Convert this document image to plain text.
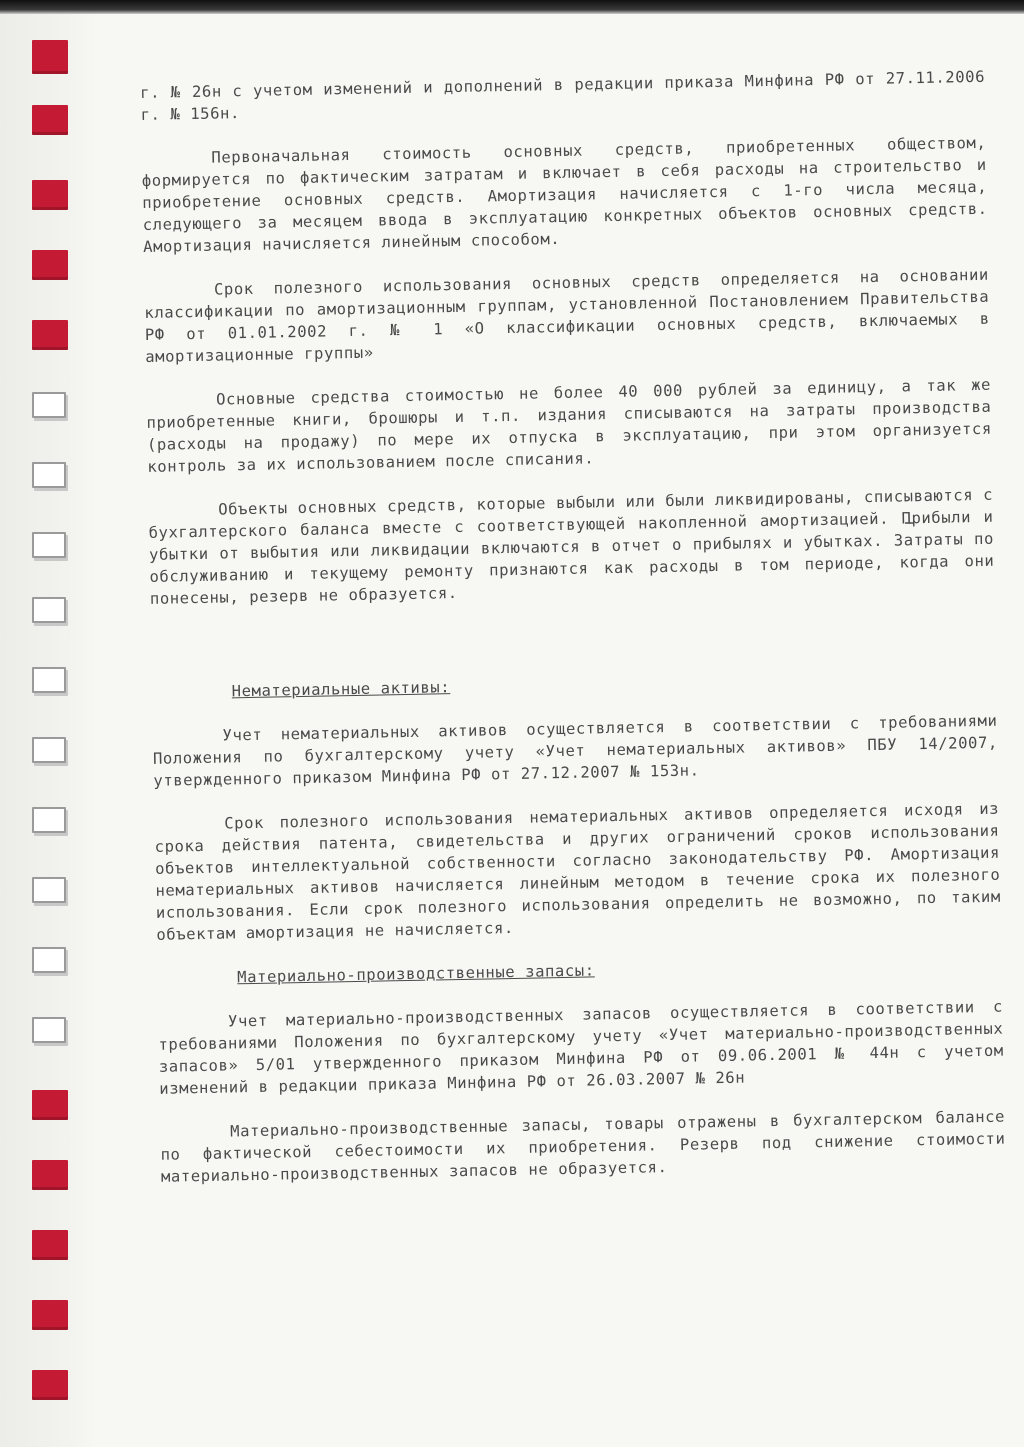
г. № 26н с учетом изменений и дополнений в редакции приказа Минфина РФ от 27.11.2006 г. № 156н.

Первоначальная стоимость основных средств, приобретенных обществом, формируется по фактическим затратам и включает в себя расходы на строительство и приобретение основных средств. Амортизация начисляется с 1-го числа месяца, следующего за месяцем ввода в эксплуатацию конкретных объектов основных средств. Амортизация начисляется линейным способом.

Срок полезного использования основных средств определяется на основании классификации по амортизационным группам, установленной Постановлением Правительства РФ от 01.01.2002 г. № 1 «О классификации основных средств, включаемых в амортизационные группы»

Основные средства стоимостью не более 40 000 рублей за единицу, а так же приобретенные книги, брошюры и т.п. издания списываются на затраты производства (расходы на продажу) по мере их отпуска в эксплуатацию, при этом организуется контроль за их использованием после списания.

Объекты основных средств, которые выбыли или были ликвидированы, списываются с бухгалтерского баланса вместе с соответствующей накопленной амортизацией. Прибыли и убытки от выбытия или ликвидации включаются в отчет о прибылях и убытках. Затраты по обслуживанию и текущему ремонту признаются как расходы в том периоде, когда они понесены, резерв не образуется.

Нематериальные активы:

Учет нематериальных активов осуществляется в соответствии с требованиями Положения по бухгалтерскому учету «Учет нематериальных активов» ПБУ 14/2007, утвержденного приказом Минфина РФ от 27.12.2007 № 153н.

Срок полезного использования нематериальных активов определяется исходя из срока действия патента, свидетельства и других ограничений сроков использования объектов интеллектуальной собственности согласно законодательству РФ. Амортизация нематериальных активов начисляется линейным методом в течение срока их полезного использования. Если срок полезного использования определить не возможно, по таким объектам амортизация не начисляется.

Материально-производственные запасы:

Учет материально-производственных запасов осуществляется в соответствии с требованиями Положения по бухгалтерскому учету «Учет материально-производственных запасов» 5/01 утвержденного приказом Минфина РФ от 09.06.2001 № 44н с учетом изменений в редакции приказа Минфина РФ от 26.03.2007 № 26н

Материально-производственные запасы, товары отражены в бухгалтерском балансе по фактической себестоимости их приобретения. Резерв под снижение стоимости материально-производственных запасов не образуется.
